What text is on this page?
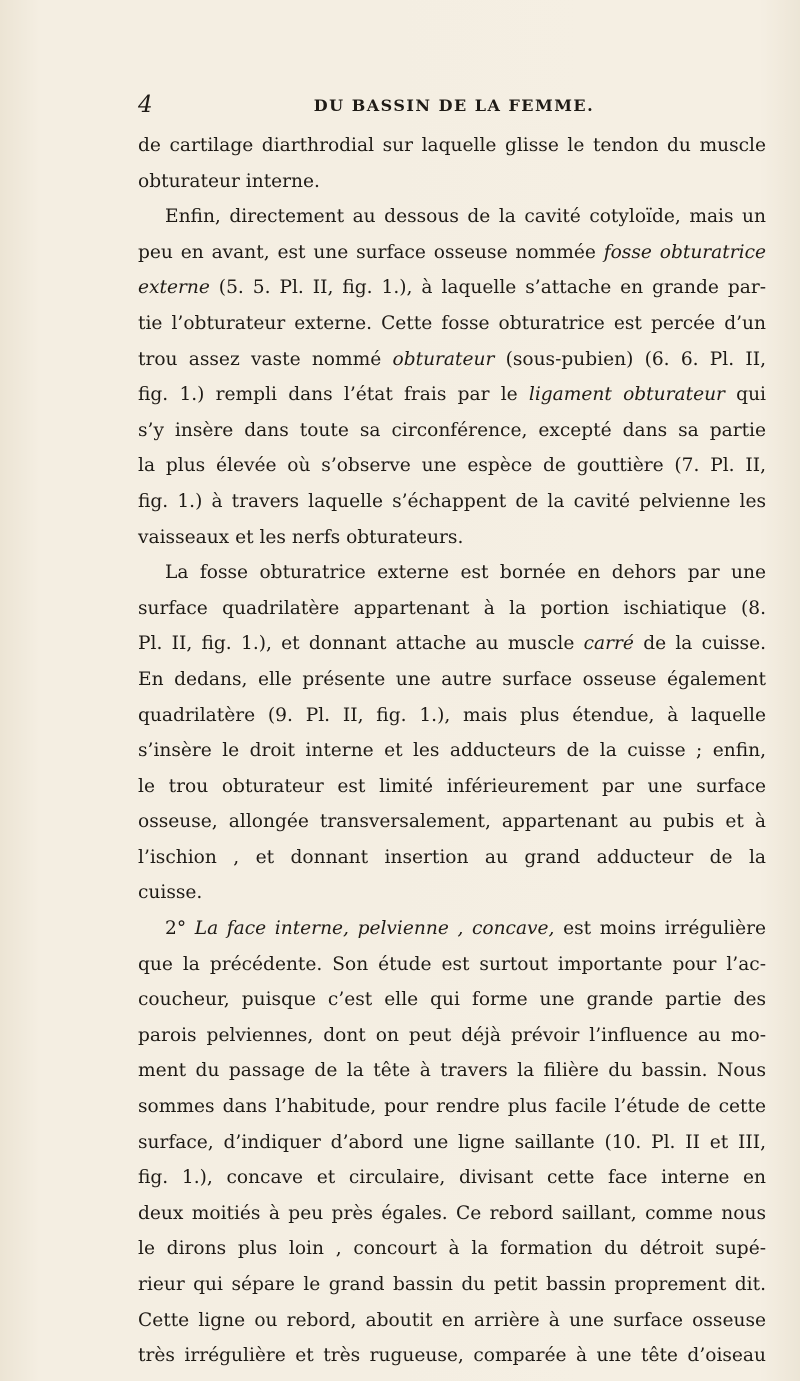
4	DU BASSIN DE LA FEMME.
de cartilage diarthrodial sur laquelle glisse le tendon du muscle
obturateur interne.
Enfin, directement au dessous de la cavité cotyloïde, mais un
peu en avant, est une surface osseuse nommée fosse obturatrice
externe (5. 5. Pl. II, fig. 1.), à laquelle s’attache en grande par-
tie l’obturateur externe. Cette fosse obturatrice est percée d’un
trou assez vaste nommé obturateur (sous-pubien) (6. 6. Pl. II,
fig. 1.) rempli dans l’état frais par le ligament obturateur qui
s’y insère dans toute sa circonférence, excepté dans sa partie
la plus élevée où s’observe une espèce de gouttière (7. Pl. II,
fig. 1.) à travers laquelle s’échappent de la cavité pelvienne les
vaisseaux et les nerfs obturateurs.
La fosse obturatrice externe est bornée en dehors par une
surface quadrilatère appartenant à la portion ischiatique (8.
Pl. II, fig. 1.), et donnant attache au muscle carré de la cuisse.
En dedans, elle présente une autre surface osseuse également
quadrilatère (9. Pl. II, fig. 1.), mais plus étendue, à laquelle
s’insère le droit interne et les adducteurs de la cuisse ; enfin,
le trou obturateur est limité inférieurement par une surface
osseuse, allongée transversalement, appartenant au pubis et à
l’ischion , et donnant insertion au grand adducteur de la
cuisse.
2° La face interne, pelvienne , concave, est moins irrégulière
que la précédente. Son étude est surtout importante pour l’ac-
coucheur, puisque c’est elle qui forme une grande partie des
parois pelviennes, dont on peut déjà prévoir l’influence au mo-
ment du passage de la tête à travers la filière du bassin. Nous
sommes dans l’habitude, pour rendre plus facile l’étude de cette
surface, d’indiquer d’abord une ligne saillante (10. Pl. II et III,
fig. 1.), concave et circulaire, divisant cette face interne en
deux moitiés à peu près égales. Ce rebord saillant, comme nous
le dirons plus loin , concourt à la formation du détroit supé-
rieur qui sépare le grand bassin du petit bassin proprement dit.
Cette ligne ou rebord, aboutit en arrière à une surface osseuse
très irrégulière et très rugueuse, comparée à une tête d’oiseau
